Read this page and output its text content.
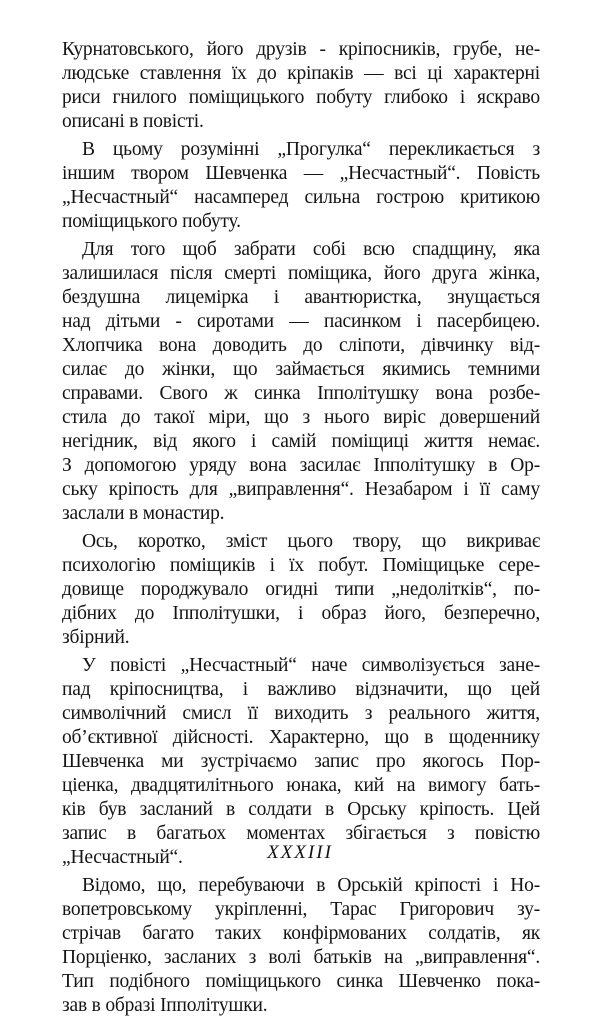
Курнатовського, його друзів - кріпосників, грубе, не-
людське ставлення їх до кріпаків — всі ці характерні
риси гнилого поміщицького побуту глибоко і яскраво
описані в повісті.
В цьому розумінні „Прогулка“ перекликається з
іншим твором Шевченка — „Несчастный“. Повість
„Несчастный“ насамперед сильна гострою критикою
поміщицького побуту.
Для того щоб забрати собі всю спадщину, яка
залишилася після смерті поміщика, його друга жінка,
бездушна лицемірка і авантюристка, знущається
над дітьми - сиротами — пасинком і пасербицею.
Хлопчика вона доводить до сліпоти, дівчинку від-
силає до жінки, що займається якимись темними
справами. Свого ж синка Іпполітушку вона розбе-
стила до такої міри, що з нього виріс довершений
негідник, від якого і самій поміщиці життя немає.
З допомогою уряду вона засилає Іпполітушку в Ор-
ську кріпость для „виправлення“. Незабаром і її саму
заслали в монастир.
Ось, коротко, зміст цього твору, що викриває
психологію поміщиків і їх побут. Поміщицьке сере-
довище породжувало огидні типи „недоліткiв“, по-
дібних до Іпполітушки, і образ його, безперечно,
збірний.
У повісті „Несчастный“ наче символізується занe-
пад кріпосництва, і важливо відзначити, що цей
символічний смисл її виходить з реального життя,
об’єктивної дійсності. Характерно, що в щоденнику
Шевченка ми зустрічаємо запис про якогось Пор-
ціенка, двадцятилітнього юнака, кий на вимогу бать-
ків був засланий в солдати в Орську кріпость. Цей
запис в багатьох моментах збігається з повістю
„Несчастный“.
Відомо, що, перебуваючи в Орській кріпості і Но-
вопетровському укріпленні, Тарас Григорович зу-
стрічав багато таких конфірмованих солдатів, як
Порціенко, засланих з волі батьків на „виправлення“.
Тип подібного поміщицького синка Шевченко пока-
зав в образі Іпполітушки.
XXXIII
